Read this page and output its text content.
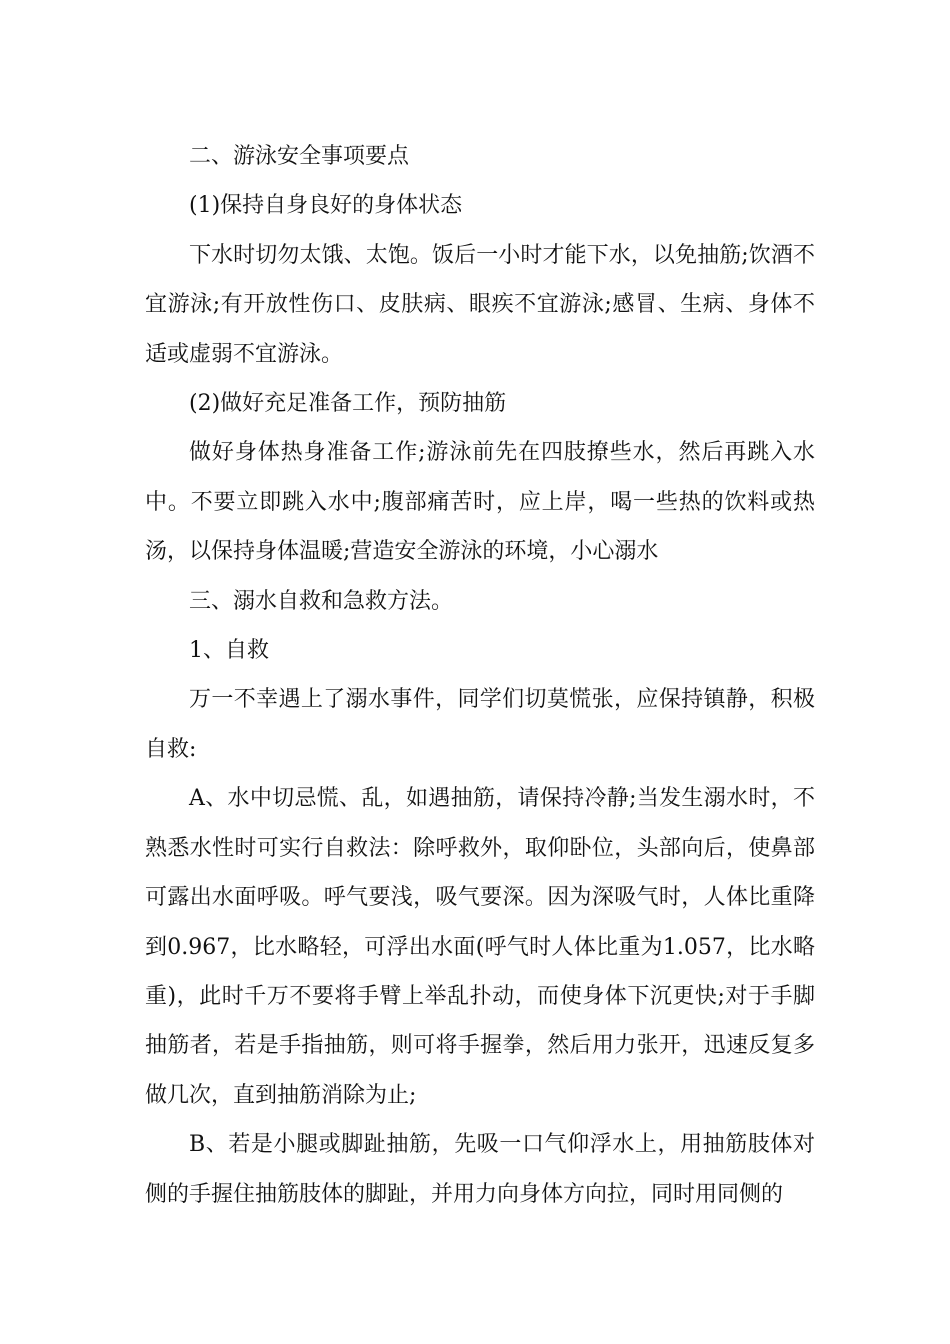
二、游泳安全事项要点

(1)保持自身良好的身体状态

下水时切勿太饿、太饱。饭后一小时才能下水，以免抽筋;饮酒不宜游泳;有开放性伤口、皮肤病、眼疾不宜游泳;感冒、生病、身体不适或虚弱不宜游泳。

(2)做好充足准备工作，预防抽筋

做好身体热身准备工作;游泳前先在四肢撩些水，然后再跳入水中。不要立即跳入水中;腹部痛苦时，应上岸，喝一些热的饮料或热汤，以保持身体温暖;营造安全游泳的环境，小心溺水

三、溺水自救和急救方法。

1、自救

万一不幸遇上了溺水事件，同学们切莫慌张，应保持镇静，积极自救:

A、水中切忌慌、乱，如遇抽筋，请保持冷静;当发生溺水时，不熟悉水性时可实行自救法：除呼救外，取仰卧位，头部向后，使鼻部可露出水面呼吸。呼气要浅，吸气要深。因为深吸气时，人体比重降到0.967，比水略轻，可浮出水面(呼气时人体比重为1.057，比水略重)，此时千万不要将手臂上举乱扑动，而使身体下沉更快;对于手脚抽筋者，若是手指抽筋，则可将手握拳，然后用力张开，迅速反复多做几次，直到抽筋消除为止;

B、若是小腿或脚趾抽筋，先吸一口气仰浮水上，用抽筋肢体对侧的手握住抽筋肢体的脚趾，并用力向身体方向拉，同时用同侧的
